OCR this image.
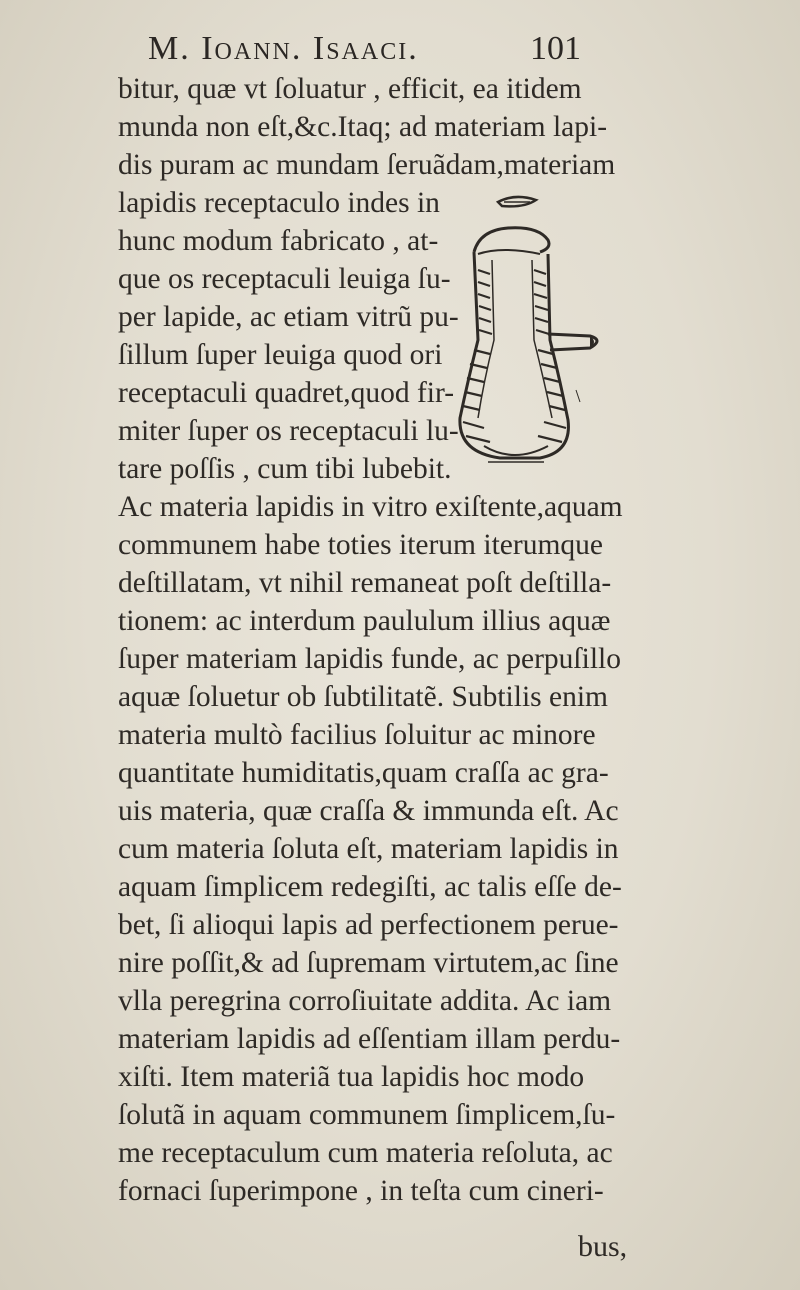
M. Ioann. Isaaci.	101
bitur, quæ vt ſoluatur , efficit, ea itidem
munda non eſt,&c.Itaq; ad materiam lapi-
dis puram ac mundam ſeruãdam,materiam
lapidis receptaculo indes in
hunc modum fabricato , at-
que os receptaculi leuiga ſu-
per lapide, ac etiam vitrũ pu-
ſillum ſuper leuiga quod ori
receptaculi quadret,quod fir-
miter ſuper os receptaculi lu-
tare poſſis , cum tibi lubebit.
Ac materia lapidis in vitro exiſtente,aquam
communem habe toties iterum iterumque
deſtillatam, vt nihil remaneat poſt deſtilla-
tionem: ac interdum paululum illius aquæ
ſuper materiam lapidis funde, ac perpuſillo
aquæ ſoluetur ob ſubtilitatẽ. Subtilis enim
materia multò facilius ſoluitur ac minore
quantitate humiditatis,quam craſſa ac gra-
uis materia, quæ craſſa & immunda eſt. Ac
cum materia ſoluta eſt, materiam lapidis in
aquam ſimplicem redegiſti, ac talis eſſe de-
bet, ſi alioqui lapis ad perfectionem perue-
nire poſſit,& ad ſupremam virtutem,ac ſine
vlla peregrina corroſiuitate addita. Ac iam
materiam lapidis ad eſſentiam illam perdu-
xiſti. Item materiã tua lapidis hoc modo
ſolutã in aquam communem ſimplicem,ſu-
me receptaculum cum materia reſoluta, ac
fornaci ſuperimpone , in teſta cum cineri-
bus,
